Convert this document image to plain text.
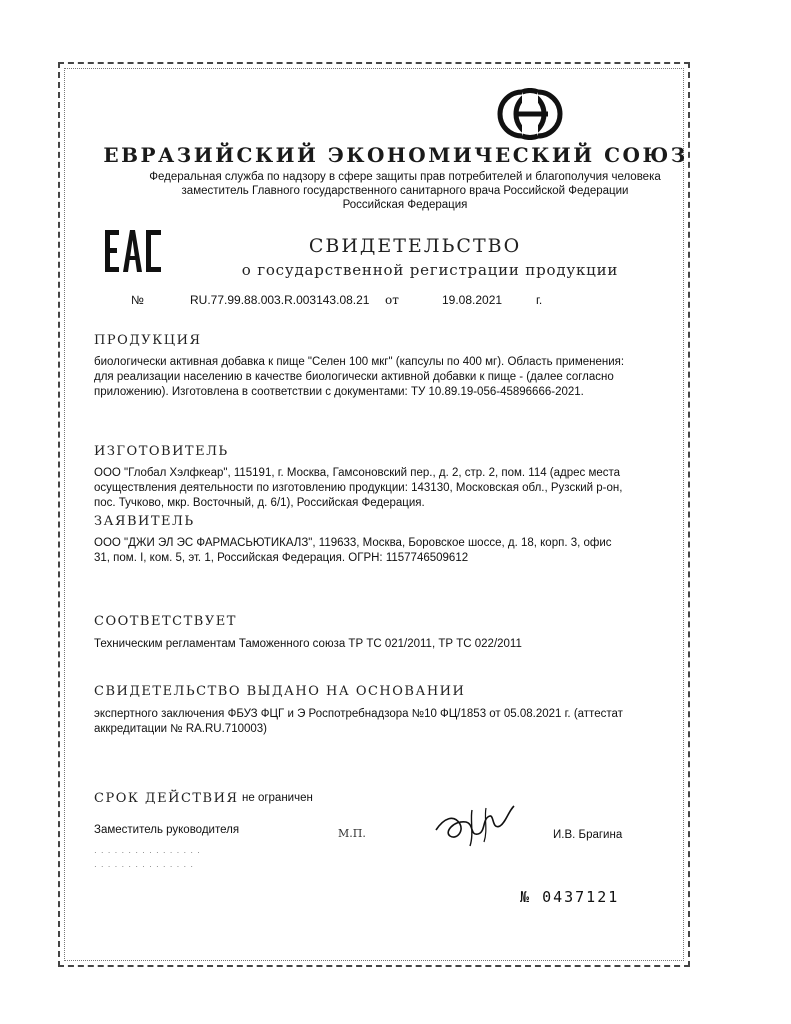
ЕВРАЗИЙСКИЙ ЭКОНОМИЧЕСКИЙ СОЮЗ
Федеральная служба по надзору в сфере защиты прав потребителей и благополучия человека
заместитель Главного государственного санитарного врача Российской Федерации
Российская Федерация
СВИДЕТЕЛЬСТВО
о государственной регистрации продукции
№	RU.77.99.88.003.R.003143.08.21 от	19.08.2021	г.
ПРОДУКЦИЯ
биологически активная добавка к пище "Селен 100 мкг" (капсулы по 400 мг). Область применения:
для реализации населению в качестве биологически активной добавки к пище - (далее согласно
приложению). Изготовлена в соответствии с документами: ТУ 10.89.19-056-45896666-2021.
ИЗГОТОВИТЕЛЬ
ООО "Глобал Хэлфкеар", 115191, г. Москва, Гамсоновский пер., д. 2, стр. 2, пом. 114 (адрес места
осуществления деятельности по изготовлению продукции: 143130, Московская обл., Рузский р-он,
пос. Тучково, мкр. Восточный, д. 6/1), Российская Федерация.
ЗАЯВИТЕЛЬ
ООО "ДЖИ ЭЛ ЭС ФАРМАСЬЮТИКАЛЗ", 119633, Москва, Боровское шоссе, д. 18, корп. 3, офис
31, пом. I, ком. 5, эт. 1, Российская Федерация. ОГРН: 1157746509612
СООТВЕТСТВУЕТ
Техническим регламентам Таможенного союза ТР ТС 021/2011, ТР ТС 022/2011
СВИДЕТЕЛЬСТВО ВЫДАНО НА ОСНОВАНИИ
экспертного заключения ФБУЗ ФЦГ и Э Роспотребнадзора №10 ФЦ/1853 от 05.08.2021 г. (аттестат
аккредитации № RA.RU.710003)
СРОК ДЕЙСТВИЯ не ограничен
Заместитель руководителя	М.П.	И.В. Брагина
· · · · · · · · · · · · · · · ·
· · · · · · · · · · · · · · ·
№ 0437121
